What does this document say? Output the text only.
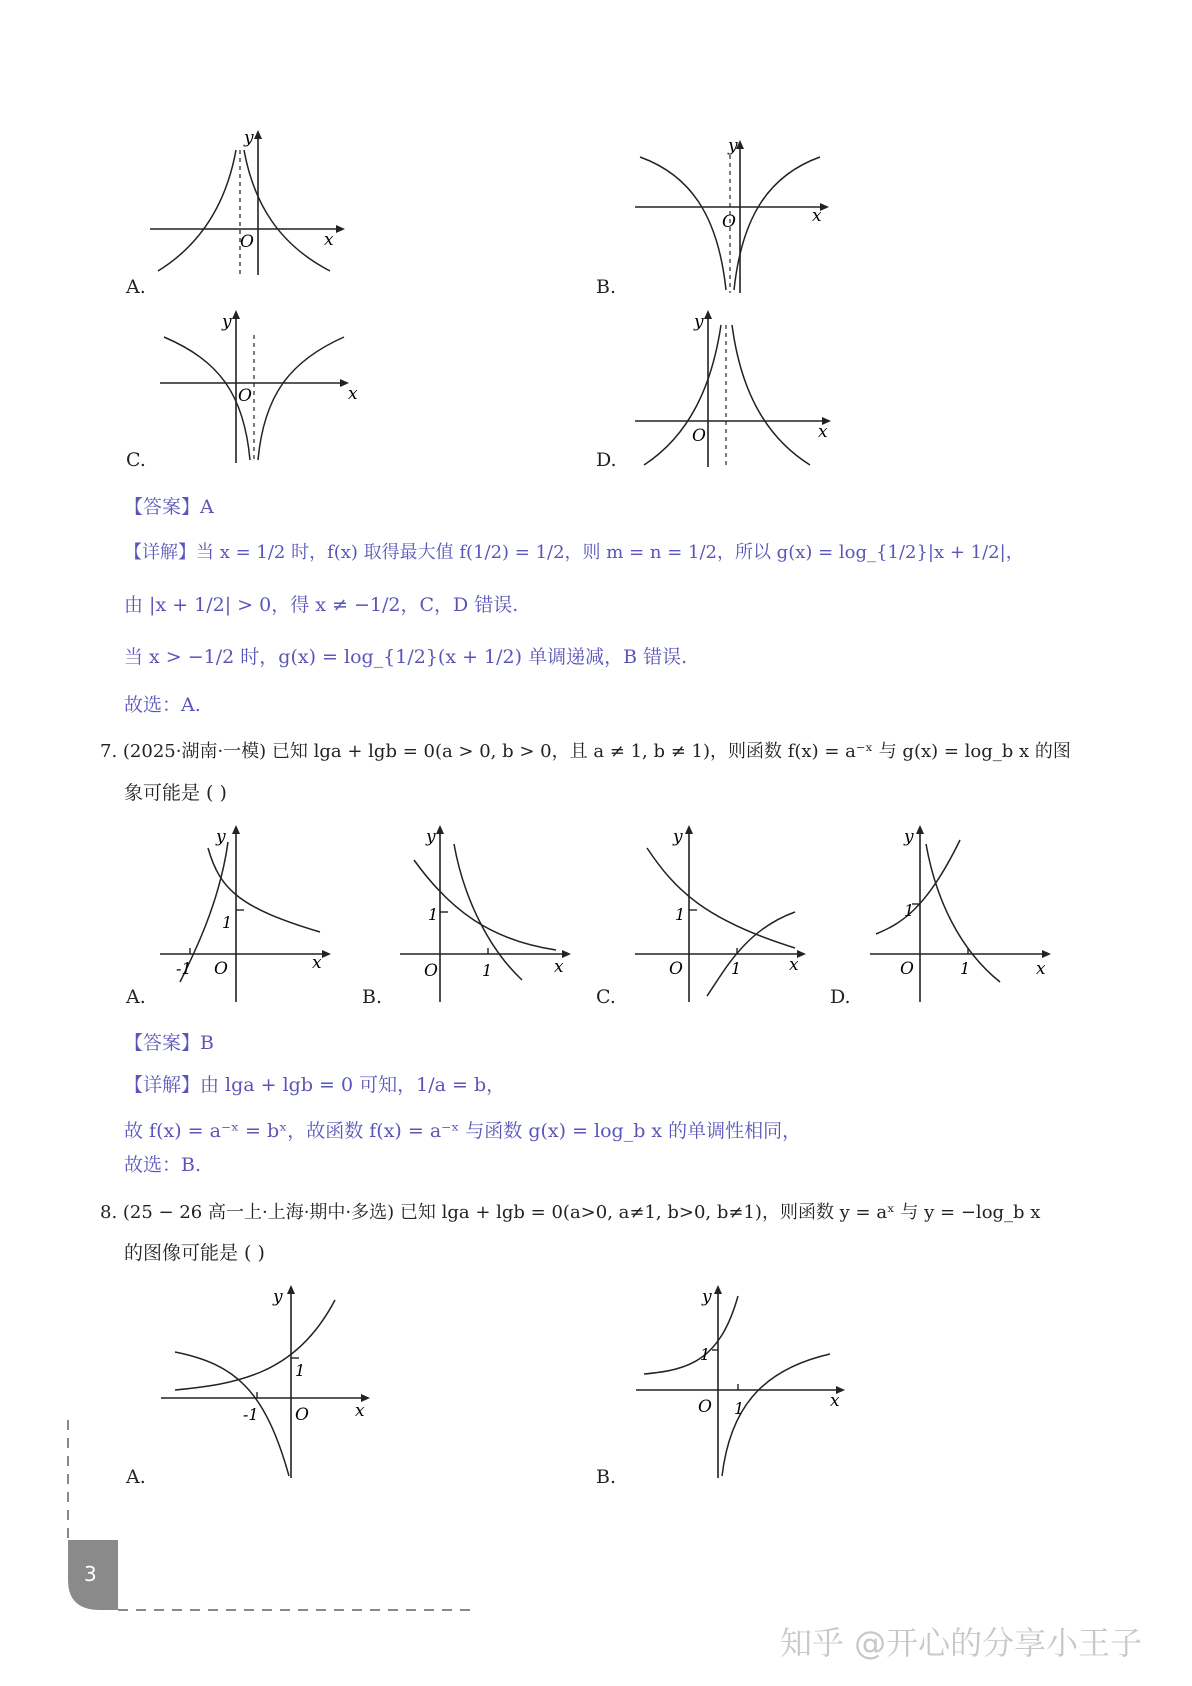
y
x
O
A.
y
x
O
B.
y
x
O
C.
y
x
O
D.
【答案】A
【详解】当 x = 1/2 时，f(x) 取得最大值 f(1/2) = 1/2，则 m = n = 1/2，所以 g(x) = log_{1/2}|x + 1/2|，
由 |x + 1/2| > 0，得 x ≠ −1/2，C，D 错误.
当 x > −1/2 时，g(x) = log_{1/2}(x + 1/2) 单调递减，B 错误.
故选：A.
7. (2025·湖南·一模) 已知 lga + lgb = 0(a > 0, b > 0，且 a ≠ 1, b ≠ 1)，则函数 f(x) = a⁻ˣ 与 g(x) = log_b x 的图
象可能是 ( )
y
x
O
1
-1
A.
y
x
O
1
1
B.
y
x
O
1
1
C.
y
x
O
1
1
D.
【答案】B
【详解】由 lga + lgb = 0 可知，1/a = b，
故 f(x) = a⁻ˣ = bˣ，故函数 f(x) = a⁻ˣ 与函数 g(x) = log_b x 的单调性相同，
故选：B.
8. (25 − 26 高一上·上海·期中·多选) 已知 lga + lgb = 0(a>0, a≠1, b>0, b≠1)，则函数 y = aˣ 与 y = −log_b x
的图像可能是 ( )
y
x
O
1
-1
A.
y
x
O
1
1
B.
3
知乎 @开心的分享小王子
